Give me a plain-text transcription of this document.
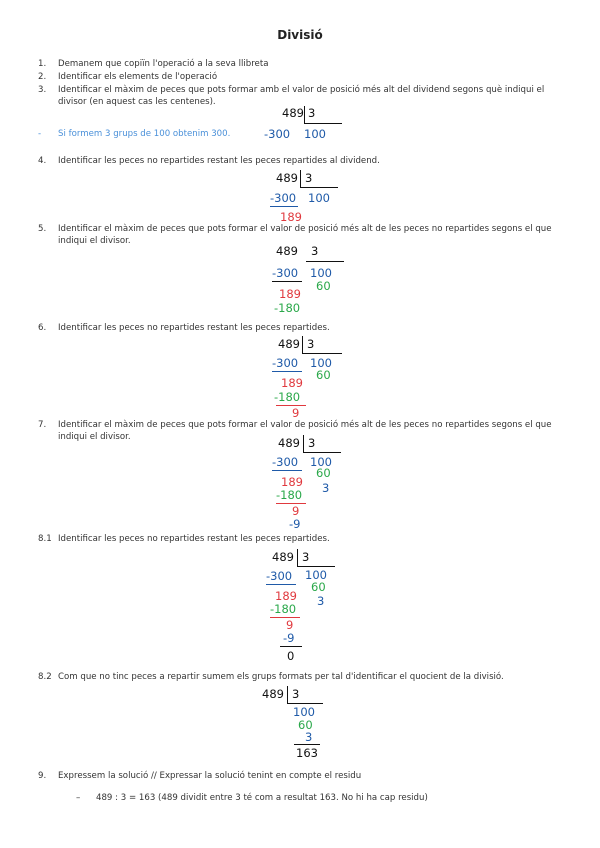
Divisió
1. Demanem que copiïn l'operació a la seva llibreta
2. Identificar els elements de l'operació
3.	Identificar el màxim de peces que pots formar amb el valor de posició més alt del dividend segons què indiqui el divisor (en aquest cas les centenes).
489 3
- Si formem 3 grups de 100 obtenim 300.	-300 100
4. Identificar les peces no repartides restant les peces repartides al dividend.
489 3
-300 100
189
5.	Identificar el màxim de peces que pots formar el valor de posició més alt de les peces no repartides segons el que indiqui el divisor.
489 3
-300 100
60
189
-180
6. Identificar les peces no repartides restant les peces repartides.
489 3
-300 100
60
189
-180
9
7.	Identificar el màxim de peces que pots formar el valor de posició més alt de les peces no repartides segons el que indiqui el divisor.	489 3
-300 100
60
189 3
-180
9
-9
8.1 Identificar les peces no repartides restant les peces repartides.
489 3
-300 100
60
189 3
-180
9
-9
0
8.2 Com que no tinc peces a repartir sumem els grups formats per tal d'identificar el quocient de la divisió.
489 3
100
60
3
163
9. Expressem la solució // Expressar la solució tenint en compte el residu
– 489 : 3 = 163 (489 dividit entre 3 té com a resultat 163. No hi ha cap residu)
